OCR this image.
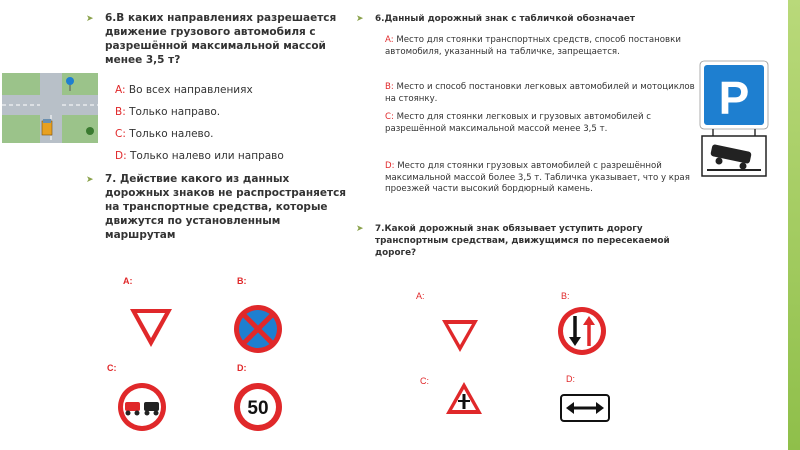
➤ 6.В каких направлениях разрешается движение грузового автомобиля с разрешённой максимальной массой менее 3,5 т?
A: Во всех направлениях
B: Только направо.
C: Только налево.
D: Только налево или направо
➤ 7. Действие какого из данных дорожных знаков не распространяется на транспортные средства, которые движутся по установленным маршрутам
A:	B:
C:	D:
50
➤ 6.Данный дорожный знак с табличкой обозначает
A: Место для стоянки транспортных средств, способ постановки автомобиля, указанный на табличке, запрещается.
B: Место и способ постановки легковых автомобилей и мотоциклов на стоянку.
C: Место для стоянки легковых и грузовых автомобилей с разрешённой максимальной массой менее 3,5 т.
D: Место для стоянки грузовых автомобилей с разрешённой максимальной массой более 3,5 т. Табличка указывает, что у края проезжей части высокий бордюрный камень.
P
➤ 7.Какой дорожный знак обязывает уступить дорогу транспортным средствам, движущимся по пересекаемой дороге?
A:	B:
C:	D:
